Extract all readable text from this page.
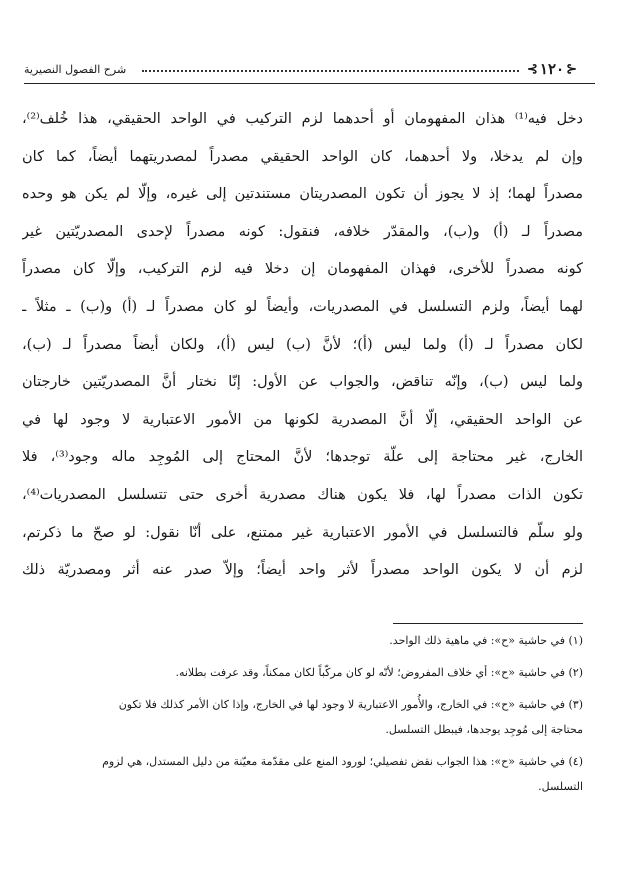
⊰
١٢٠
⊱
شرح الفصول النصيرية
دخل فيه⁽¹⁾ هذان المفهومان أو أحدهما لزم التركيب في الواحد الحقيقي، هذا خُلف⁽²⁾،
وإن لم يدخلا، ولا أحدهما، كان الواحد الحقيقي مصدراً لمصدريتهما أيضاً، كما كان
مصدراً لهما؛ إذ لا يجوز أن تكون المصدريتان مستندتين إلى غيره، وإلّا لم يكن هو وحده
مصدراً لـ (أ) و(ب)، والمقدّر خلافه، فنقول: كونه مصدراً لإحدى المصدريّتين غير
كونه مصدراً للأخرى، فهذان المفهومان إن دخلا فيه لزم التركيب، وإلّا كان مصدراً
لهما أيضاً، ولزم التسلسل في المصدريات، وأيضاً لو كان مصدراً لـ (أ) و(ب) ـ مثلاً ـ
لكان مصدراً لـ (أ) ولما ليس (أ)؛ لأنَّ (ب) ليس (أ)، ولكان أيضاً مصدراً لـ (ب)،
ولما ليس (ب)، وإنّه تناقض، والجواب عن الأول: إنّا نختار أنَّ المصدريّتين خارجتان
عن الواحد الحقيقي، إلّا أنَّ المصدرية لكونها من الأمور الاعتبارية لا وجود لها في
الخارج، غير محتاجة إلى علّة توجدها؛ لأنَّ المحتاج إلى المُوجِد ماله وجود⁽³⁾، فلا
تكون الذات مصدراً لها، فلا يكون هناك مصدرية أخرى حتى تتسلسل المصدريات⁽⁴⁾،
ولو سلّم فالتسلسل في الأمور الاعتبارية غير ممتنع، على أنّا نقول: لو صحّ ما ذكرتم،
لزم أن لا يكون الواحد مصدراً لأثر واحد أيضاً؛ وإلاّ صدر عنه أثر ومصدريّة ذلك
(١) في حاشية «ح»: في ماهية ذلك الواحد.
(٢) في حاشية «ح»: أي خلاف المفروض؛ لأنّه لو كان مركّباً لكان ممكناً، وقد عرفت بطلانه.
(٣) في حاشية «ح»: في الخارج، والأُمور الاعتبارية لا وجود لها في الخارج، وإذا كان الأمر كذلك فلا تكون
محتاجة إلى مُوجِد يوجدها، فيبطل التسلسل.
(٤) في حاشية «ح»: هذا الجواب نقض تفصيلي؛ لورود المنع على مقدّمة معيّنة من دليل المستدل، هي لزوم
التسلسل.
